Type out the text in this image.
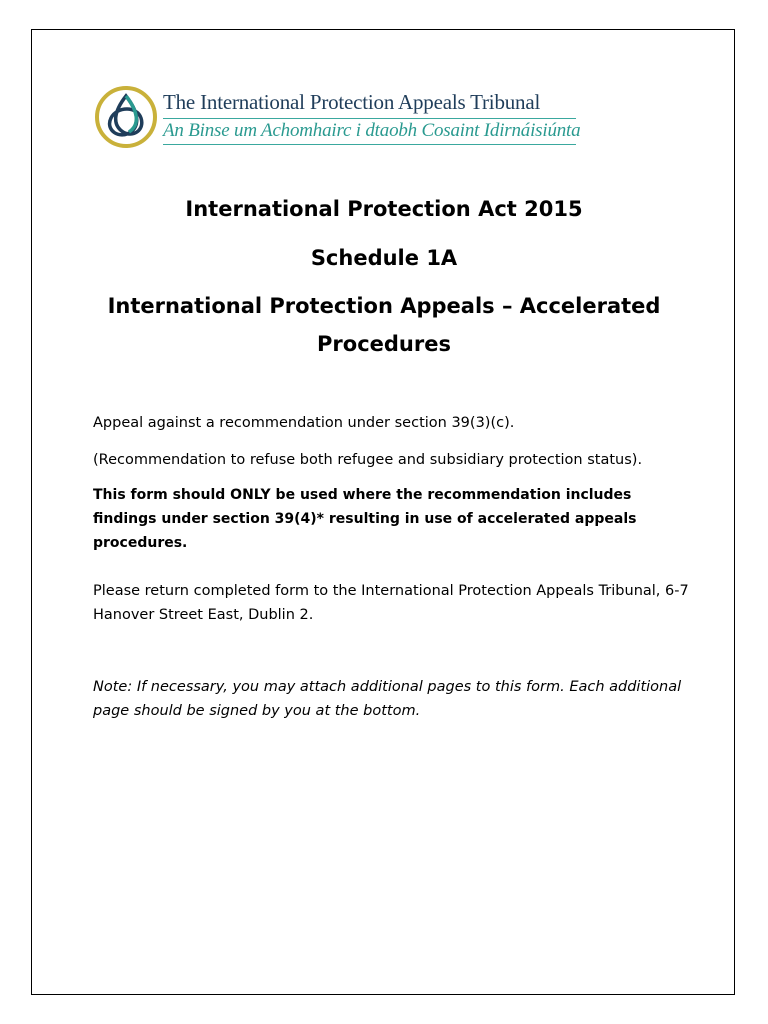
The International Protection Appeals Tribunal
An Binse um Achomhairc i dtaobh Cosaint Idirnáisiúnta
International Protection Act 2015
Schedule 1A
International Protection Appeals – Accelerated Procedures
Appeal against a recommendation under section 39(3)(c).
(Recommendation to refuse both refugee and subsidiary protection status).
This form should ONLY be used where the recommendation includes findings under section 39(4)* resulting in use of accelerated appeals procedures.
Please return completed form to the International Protection Appeals Tribunal, 6-7 Hanover Street East, Dublin 2.
Note: If necessary, you may attach additional pages to this form. Each additional page should be signed by you at the bottom.
